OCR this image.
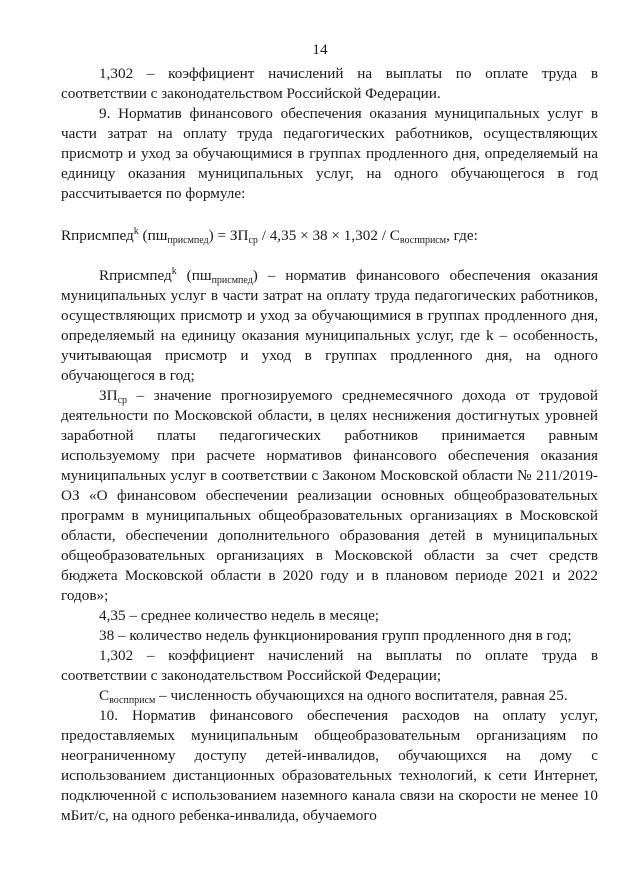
14

1,302 – коэффициент начислений на выплаты по оплате труда в соответствии с законодательством Российской Федерации.

9. Норматив финансового обеспечения оказания муниципальных услуг в части затрат на оплату труда педагогических работников, осуществляющих присмотр и уход за обучающимися в группах продленного дня, определяемый на единицу оказания муниципальных услуг, на одного обучающегося в год рассчитывается по формуле:

Rприсмпед$^k$ $(пш_{присмпед}) = ЗП_{ср} / 4,35 \times 38 \times 1,302 / С_{воспприсм}$, где:

Rприсмпед$^k$ $(пш_{присмпед})$ – норматив финансового обеспечения оказания муниципальных услуг в части затрат на оплату труда педагогических работников, осуществляющих присмотр и уход за обучающимися в группах продленного дня, определяемый на единицу оказания муниципальных услуг, где k – особенность, учитывающая присмотр и уход в группах продленного дня, на одного обучающегося в год;

$ЗП_{ср}$ – значение прогнозируемого среднемесячного дохода от трудовой деятельности по Московской области, в целях неснижения достигнутых уровней заработной платы педагогических работников принимается равным используемому при расчете нормативов финансового обеспечения оказания муниципальных услуг в соответствии с Законом Московской области № 211/2019-ОЗ «О финансовом обеспечении реализации основных общеобразовательных программ в муниципальных общеобразовательных организациях в Московской области, обеспечении дополнительного образования детей в муниципальных общеобразовательных организациях в Московской области за счет средств бюджета Московской области в 2020 году и в плановом периоде 2021 и 2022 годов»;

4,35 – среднее количество недель в месяце;

38 – количество недель функционирования групп продленного дня в год;

1,302 – коэффициент начислений на выплаты по оплате труда в соответствии с законодательством Российской Федерации;

$С_{воспприсм}$ – численность обучающихся на одного воспитателя, равная 25.

10. Норматив финансового обеспечения расходов на оплату услуг, предоставляемых муниципальным общеобразовательным организациям по неограниченному доступу детей-инвалидов, обучающихся на дому с использованием дистанционных образовательных технологий, к сети Интернет, подключенной с использованием наземного канала связи на скорости не менее 10 мБит/с, на одного ребенка-инвалида, обучаемого
